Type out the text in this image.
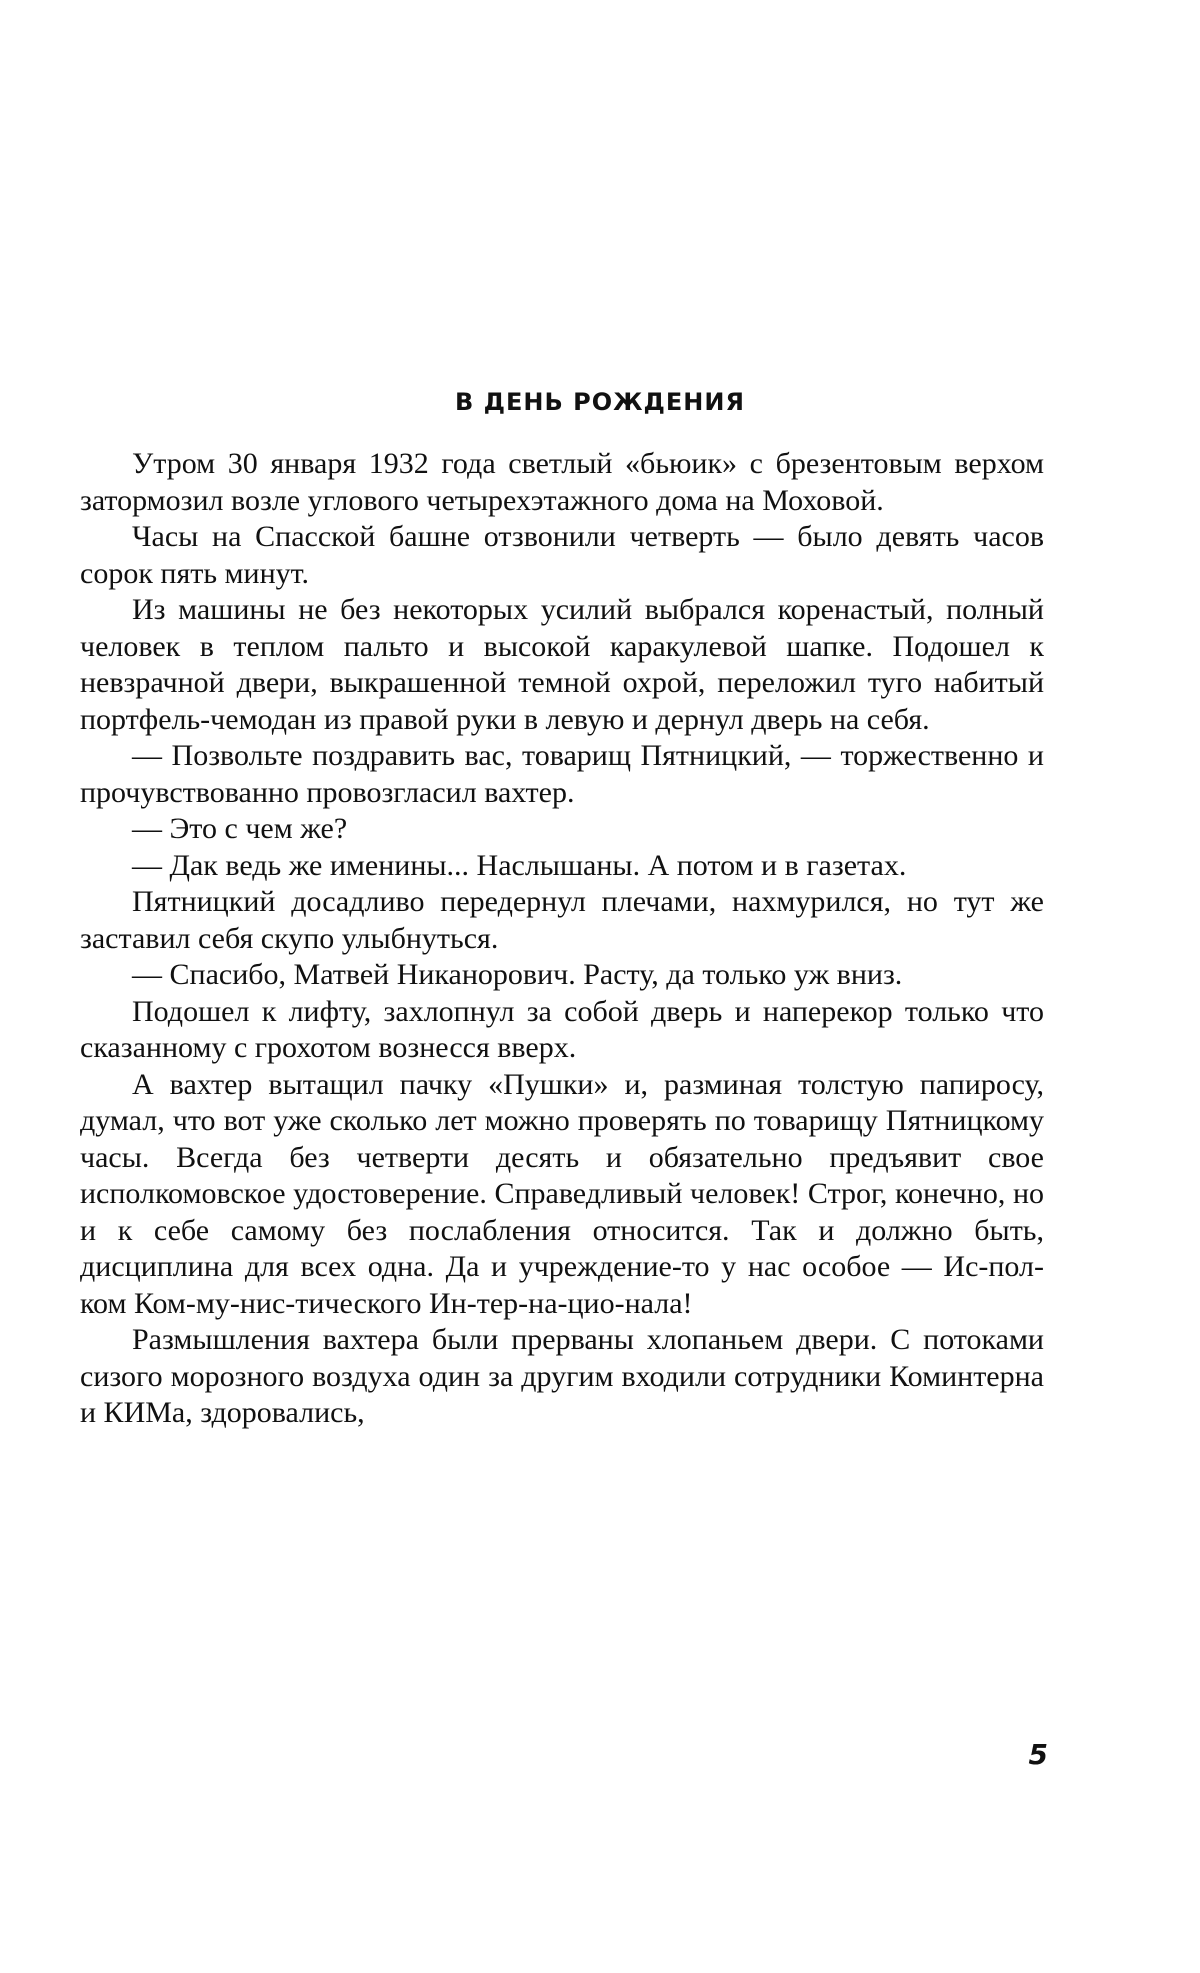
В ДЕНЬ РОЖДЕНИЯ

Утром 30 января 1932 года светлый «бьюик» с брезентовым верхом затормозил возле углового четырехэтажного дома на Моховой.

Часы на Спасской башне отзвонили четверть — было девять часов сорок пять минут.

Из машины не без некоторых усилий выбрался коренастый, полный человек в теплом пальто и высокой каракулевой шапке. Подошел к невзрачной двери, выкрашенной темной охрой, переложил туго набитый портфель-чемодан из правой руки в левую и дернул дверь на себя.

— Позвольте поздравить вас, товарищ Пятницкий, — торжественно и прочувствованно провозгласил вахтер.

— Это с чем же?

— Дак ведь же именины... Наслышаны. А потом и в газетах.

Пятницкий досадливо передернул плечами, нахмурился, но тут же заставил себя скупо улыбнуться.

— Спасибо, Матвей Никанорович. Расту, да только уж вниз.

Подошел к лифту, захлопнул за собой дверь и наперекор только что сказанному с грохотом вознесся вверх.

А вахтер вытащил пачку «Пушки» и, разминая толстую папиросу, думал, что вот уже сколько лет можно проверять по товарищу Пятницкому часы. Всегда без четверти десять и обязательно предъявит свое исполкомовское удостоверение. Справедливый человек! Строг, конечно, но и к себе самому без послабления относится. Так и должно быть, дисциплина для всех одна. Да и учреждение-то у нас особое — Ис-пол-ком Ком-му-нис-тического Ин-тер-на-цио-нала!

Размышления вахтера были прерваны хлопаньем двери. С потоками сизого морозного воздуха один за другим входили сотрудники Коминтерна и КИМа, здоровались,

5
